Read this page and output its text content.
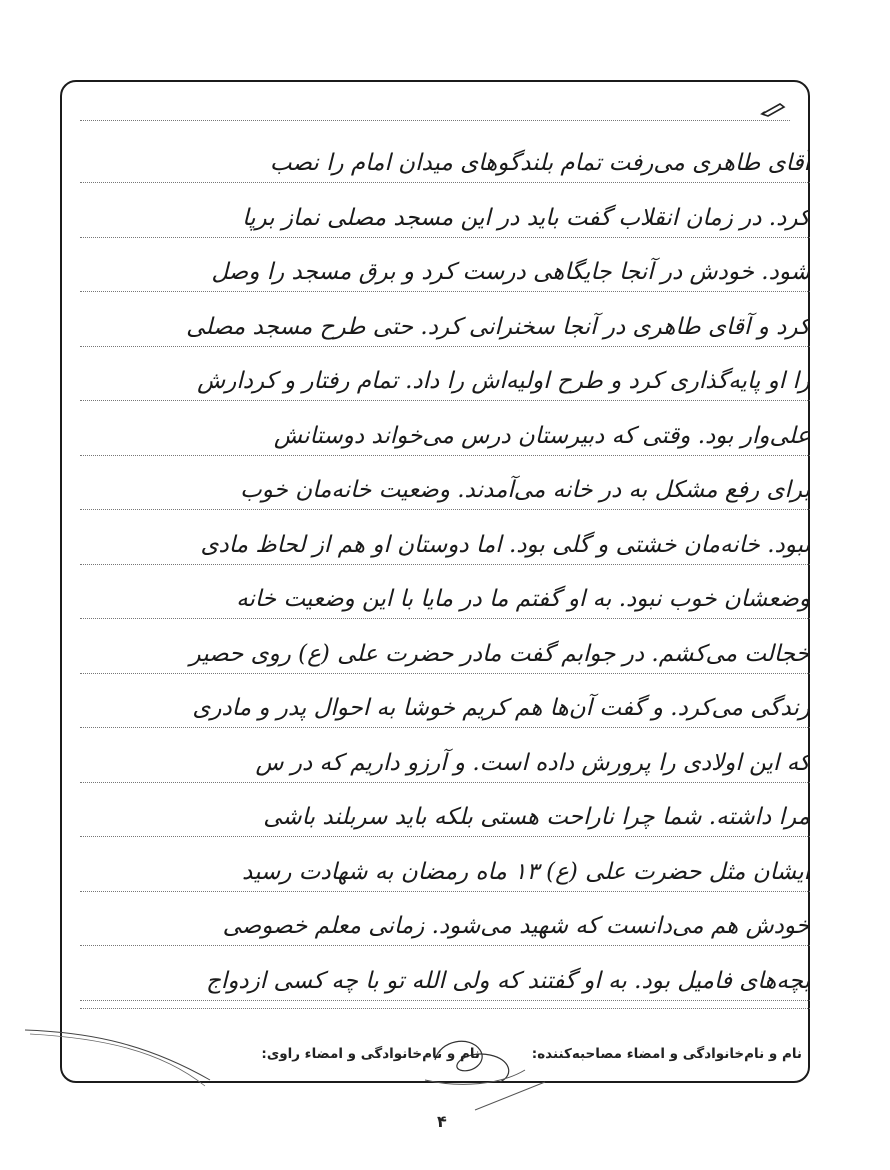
آقای طاهری می‌رفت تمام بلندگوهای میدان امام را نصب
کرد. در زمان انقلاب گفت باید در این مسجد مصلی نماز برپا
شود. خودش در آنجا جایگاهی درست کرد و برق مسجد را وصل
کرد و آقای طاهری در آنجا سخنرانی کرد. حتی طرح مسجد مصلی
را او پایه‌گذاری کرد و طرح اولیه‌اش را داد. تمام رفتار و کردارش
علی‌وار بود. وقتی که دبیرستان درس می‌خواند دوستانش
برای رفع مشکل به در خانه می‌آمدند. وضعیت خانه‌مان خوب
نبود. خانه‌مان خشتی و گلی بود. اما دوستان او هم از لحاظ مادی
وضعشان خوب نبود. به او گفتم ما در مایا با این وضعیت خانه
خجالت می‌کشم. در جوابم گفت مادر حضرت علی (ع) روی حصیر
زندگی می‌کرد. و گفت آن‌ها هم کریم خوشا به احوال پدر و مادری
که این اولادی را پرورش داده است. و آرزو داریم که در س
مرا داشته. شما چرا ناراحت هستی بلکه باید سربلند باشی
ایشان مثل حضرت علی (ع) ۱۳ ماه رمضان به شهادت رسید
خودش هم می‌دانست که شهید می‌شود. زمانی معلم خصوصی
بچه‌های فامیل بود. به او گفتند که ولی الله تو با چه کسی ازدواج
نام و نام‌خانوادگی و امضاء مصاحبه‌کننده:
نام و نام‌خانوادگی و امضاء راوی:
۴
